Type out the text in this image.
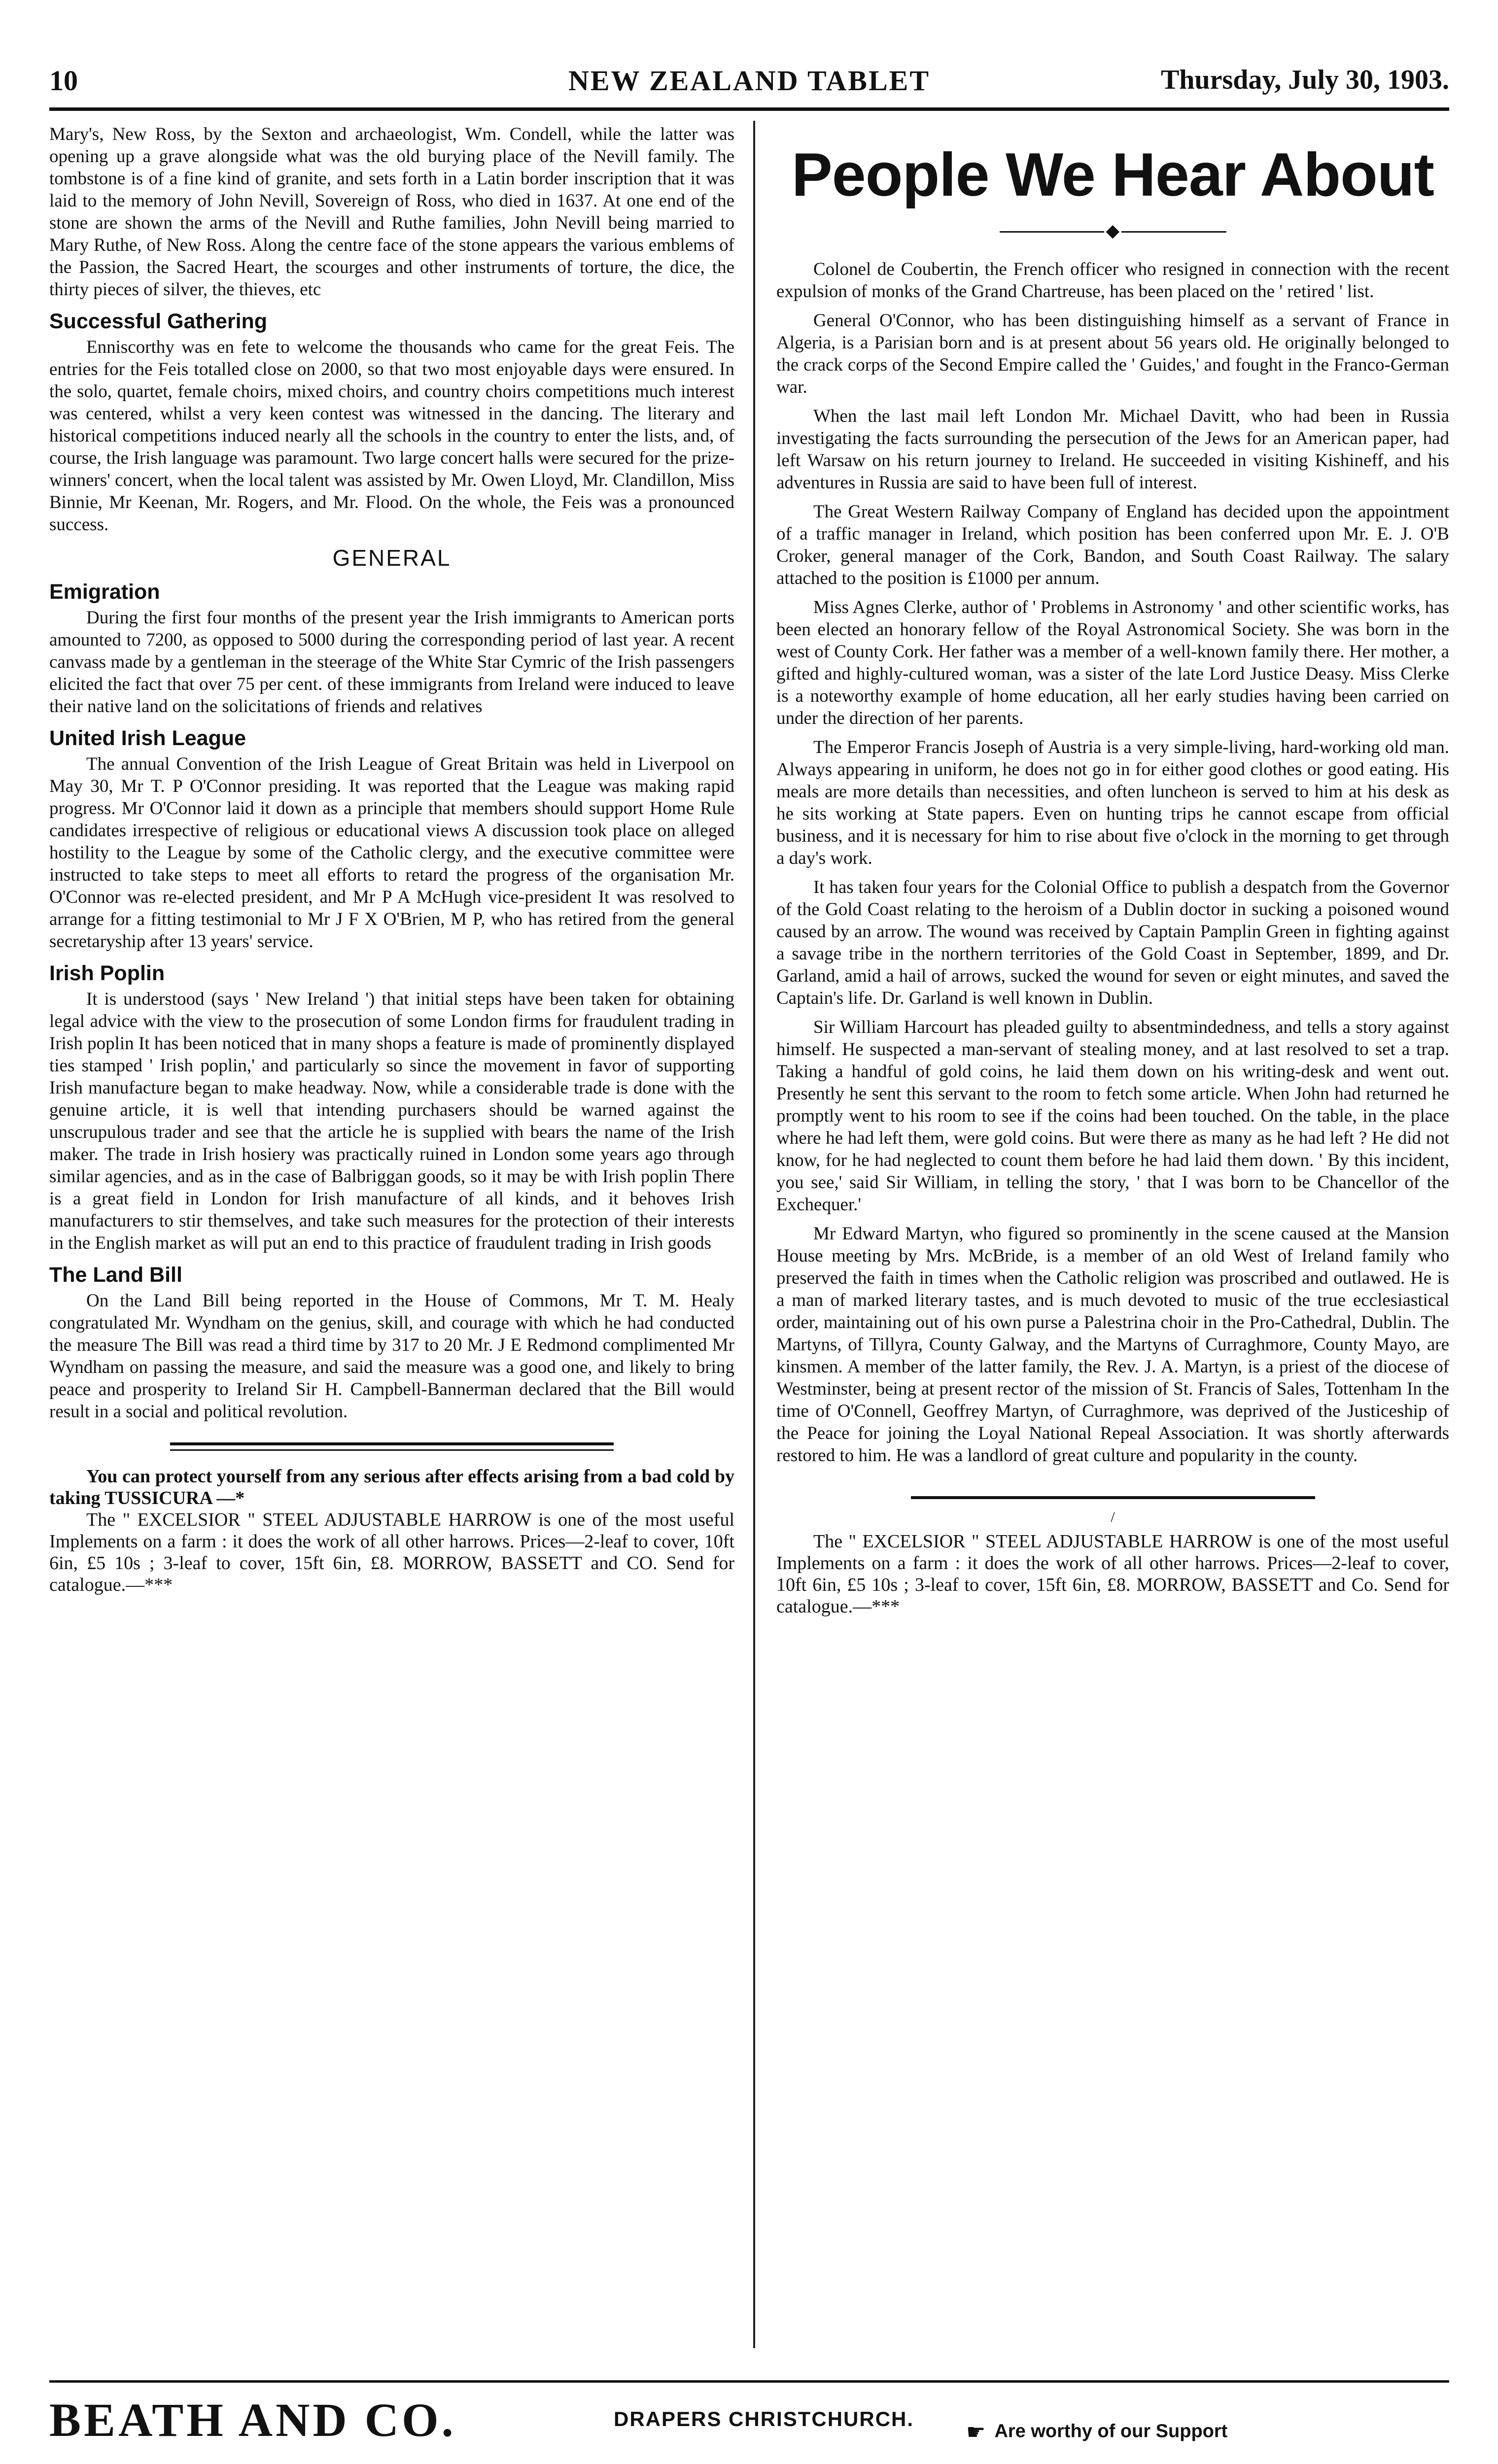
10	NEW ZEALAND TABLET	Thursday, July 30, 1903.

Mary's, New Ross, by the Sexton and archaeologist, Wm. Condell, while the latter was opening up a grave alongside what was the old burying place of the Nevill family. The tombstone is of a fine kind of granite, and sets forth in a Latin border inscription that it was laid to the memory of John Nevill, Sovereign of Ross, who died in 1637. At one end of the stone are shown the arms of the Nevill and Ruthe families, John Nevill being married to Mary Ruthe, of New Ross. Along the centre face of the stone appears the various emblems of the Passion, the Sacred Heart, the scourges and other instruments of torture, the dice, the thirty pieces of silver, the thieves, etc

Successful Gathering

Enniscorthy was en fete to welcome the thousands who came for the great Feis. The entries for the Feis totalled close on 2000, so that two most enjoyable days were ensured. In the solo, quartet, female choirs, mixed choirs, and country choirs competitions much interest was centered, whilst a very keen contest was witnessed in the dancing. The literary and historical competitions induced nearly all the schools in the country to enter the lists, and, of course, the Irish language was paramount. Two large concert halls were secured for the prize-winners' concert, when the local talent was assisted by Mr. Owen Lloyd, Mr. Clandillon, Miss Binnie, Mr Keenan, Mr. Rogers, and Mr. Flood. On the whole, the Feis was a pronounced success.

GENERAL
Emigration

During the first four months of the present year the Irish immigrants to American ports amounted to 7200, as opposed to 5000 during the corresponding period of last year. A recent canvass made by a gentleman in the steerage of the White Star Cymric of the Irish passengers elicited the fact that over 75 per cent. of these immigrants from Ireland were induced to leave their native land on the solicitations of friends and relatives

United Irish League

The annual Convention of the Irish League of Great Britain was held in Liverpool on May 30, Mr T. P O'Connor presiding. It was reported that the League was making rapid progress. Mr O'Connor laid it down as a principle that members should support Home Rule candidates irrespective of religious or educational views A discussion took place on alleged hostility to the League by some of the Catholic clergy, and the executive committee were instructed to take steps to meet all efforts to retard the progress of the organisation Mr. O'Connor was re-elected president, and Mr P A McHugh vice-president It was resolved to arrange for a fitting testimonial to Mr J F X O'Brien, M P, who has retired from the general secretaryship after 13 years' service.

Irish Poplin

It is understood (says ' New Ireland ') that initial steps have been taken for obtaining legal advice with the view to the prosecution of some London firms for fraudulent trading in Irish poplin It has been noticed that in many shops a feature is made of prominently displayed ties stamped ' Irish poplin,' and particularly so since the movement in favor of supporting Irish manufacture began to make headway. Now, while a considerable trade is done with the genuine article, it is well that intending purchasers should be warned against the unscrupulous trader and see that the article he is supplied with bears the name of the Irish maker. The trade in Irish hosiery was practically ruined in London some years ago through similar agencies, and as in the case of Balbriggan goods, so it may be with Irish poplin There is a great field in London for Irish manufacture of all kinds, and it behoves Irish manufacturers to stir themselves, and take such measures for the protection of their interests in the English market as will put an end to this practice of fraudulent trading in Irish goods

The Land Bill

On the Land Bill being reported in the House of Commons, Mr T. M. Healy congratulated Mr. Wyndham on the genius, skill, and courage with which he had conducted the measure The Bill was read a third time by 317 to 20 Mr. J E Redmond complimented Mr Wyndham on passing the measure, and said the measure was a good one, and likely to bring peace and prosperity to Ireland Sir H. Campbell-Bannerman declared that the Bill would result in a social and political revolution.

You can protect yourself from any serious after effects arising from a bad cold by taking TUSSICURA —*

The " EXCELSIOR " STEEL ADJUSTABLE HARROW is one of the most useful Implements on a farm : it does the work of all other harrows. Prices—2-leaf to cover, 10ft 6in, £5 10s ; 3-leaf to cover, 15ft 6in, £8. MORROW, BASSETT and CO. Send for catalogue.—***

People We Hear About
◆

Colonel de Coubertin, the French officer who resigned in connection with the recent expulsion of monks of the Grand Chartreuse, has been placed on the ' retired ' list.

General O'Connor, who has been distinguishing himself as a servant of France in Algeria, is a Parisian born and is at present about 56 years old. He originally belonged to the crack corps of the Second Empire called the ' Guides,' and fought in the Franco-German war.

When the last mail left London Mr. Michael Davitt, who had been in Russia investigating the facts surrounding the persecution of the Jews for an American paper, had left Warsaw on his return journey to Ireland. He succeeded in visiting Kishineff, and his adventures in Russia are said to have been full of interest.

The Great Western Railway Company of England has decided upon the appointment of a traffic manager in Ireland, which position has been conferred upon Mr. E. J. O'B Croker, general manager of the Cork, Bandon, and South Coast Railway. The salary attached to the position is £1000 per annum.

Miss Agnes Clerke, author of ' Problems in Astronomy ' and other scientific works, has been elected an honorary fellow of the Royal Astronomical Society. She was born in the west of County Cork. Her father was a member of a well-known family there. Her mother, a gifted and highly-cultured woman, was a sister of the late Lord Justice Deasy. Miss Clerke is a noteworthy example of home education, all her early studies having been carried on under the direction of her parents.

The Emperor Francis Joseph of Austria is a very simple-living, hard-working old man. Always appearing in uniform, he does not go in for either good clothes or good eating. His meals are more details than necessities, and often luncheon is served to him at his desk as he sits working at State papers. Even on hunting trips he cannot escape from official business, and it is necessary for him to rise about five o'clock in the morning to get through a day's work.

It has taken four years for the Colonial Office to publish a despatch from the Governor of the Gold Coast relating to the heroism of a Dublin doctor in sucking a poisoned wound caused by an arrow. The wound was received by Captain Pamplin Green in fighting against a savage tribe in the northern territories of the Gold Coast in September, 1899, and Dr. Garland, amid a hail of arrows, sucked the wound for seven or eight minutes, and saved the Captain's life. Dr. Garland is well known in Dublin.

Sir William Harcourt has pleaded guilty to absentmindedness, and tells a story against himself. He suspected a man-servant of stealing money, and at last resolved to set a trap. Taking a handful of gold coins, he laid them down on his writing-desk and went out. Presently he sent this servant to the room to fetch some article. When John had returned he promptly went to his room to see if the coins had been touched. On the table, in the place where he had left them, were gold coins. But were there as many as he had left ? He did not know, for he had neglected to count them before he had laid them down. ' By this incident, you see,' said Sir William, in telling the story, ' that I was born to be Chancellor of the Exchequer.'

Mr Edward Martyn, who figured so prominently in the scene caused at the Mansion House meeting by Mrs. McBride, is a member of an old West of Ireland family who preserved the faith in times when the Catholic religion was proscribed and outlawed. He is a man of marked literary tastes, and is much devoted to music of the true ecclesiastical order, maintaining out of his own purse a Palestrina choir in the Pro-Cathedral, Dublin. The Martyns, of Tillyra, County Galway, and the Martyns of Curraghmore, County Mayo, are kinsmen. A member of the latter family, the Rev. J. A. Martyn, is a priest of the diocese of Westminster, being at present rector of the mission of St. Francis of Sales, Tottenham In the time of O'Connell, Geoffrey Martyn, of Curraghmore, was deprived of the Justiceship of the Peace for joining the Loyal National Repeal Association. It was shortly afterwards restored to him. He was a landlord of great culture and popularity in the county.

/

The " EXCELSIOR " STEEL ADJUSTABLE HARROW is one of the most useful Implements on a farm : it does the work of all other harrows. Prices—2-leaf to cover, 10ft 6in, £5 10s ; 3-leaf to cover, 15ft 6in, £8. MORROW, BASSETT and Co. Send for catalogue.—***

BEATH AND CO.	DRAPERS CHRISTCHURCH.
☛ Are worthy of our Support
